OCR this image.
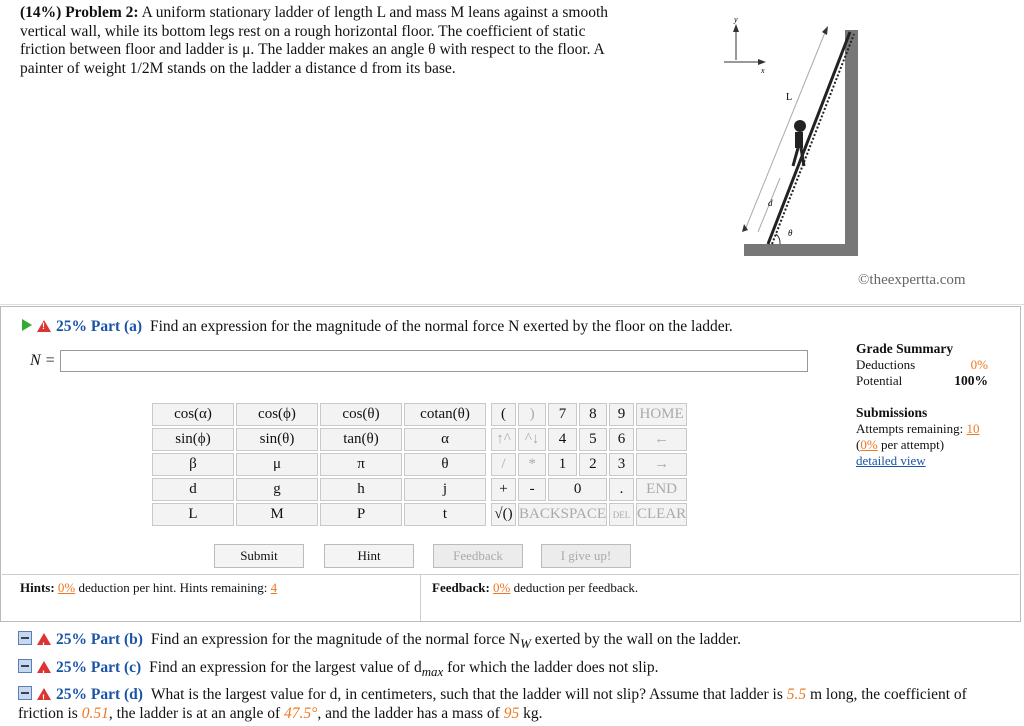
(14%) Problem 2: A uniform stationary ladder of length L and mass M leans against a smooth vertical wall, while its bottom legs rest on a rough horizontal floor. The coefficient of static friction between floor and ladder is μ. The ladder makes an angle θ with respect to the floor. A painter of weight 1/2M stands on the ladder a distance d from its base.
y
x
L
d
θ
©theexpertta.com
!25% Part (a) Find an expression for the magnitude of the normal force N exerted by the floor on the ladder.
N =
cos(α)	cos(ϕ)	cos(θ)	cotan(θ)
sin(ϕ)	sin(θ)	tan(θ)	α
β	μ	π	θ
d	g	h	j
L	M	P	t
(	)	7	8	9	HOME
↑^	^↓	4	5	6	←
/	*	1	2	3	→
+	-	0		.	END
√()	BACKSPACE			DEL	CLEAR
Submit	Hint	Feedback	I give up!
Hints: 0% deduction per hint. Hints remaining: 4	Feedback: 0% deduction per feedback.
Grade Summary
Deductions	0%
Potential	100%
Submissions
Attempts remaining: 10
(0% per attempt)
detailed view
!25% Part (b) Find an expression for the magnitude of the normal force $N_W$ exerted by the wall on the ladder.
!25% Part (c) Find an expression for the largest value of $d_{max}$ for which the ladder does not slip.
!25% Part (d) What is the largest value for d, in centimeters, such that the ladder will not slip? Assume that ladder is 5.5 m long, the coefficient of friction is 0.51, the ladder is at an angle of 47.5°, and the ladder has a mass of 95 kg.
